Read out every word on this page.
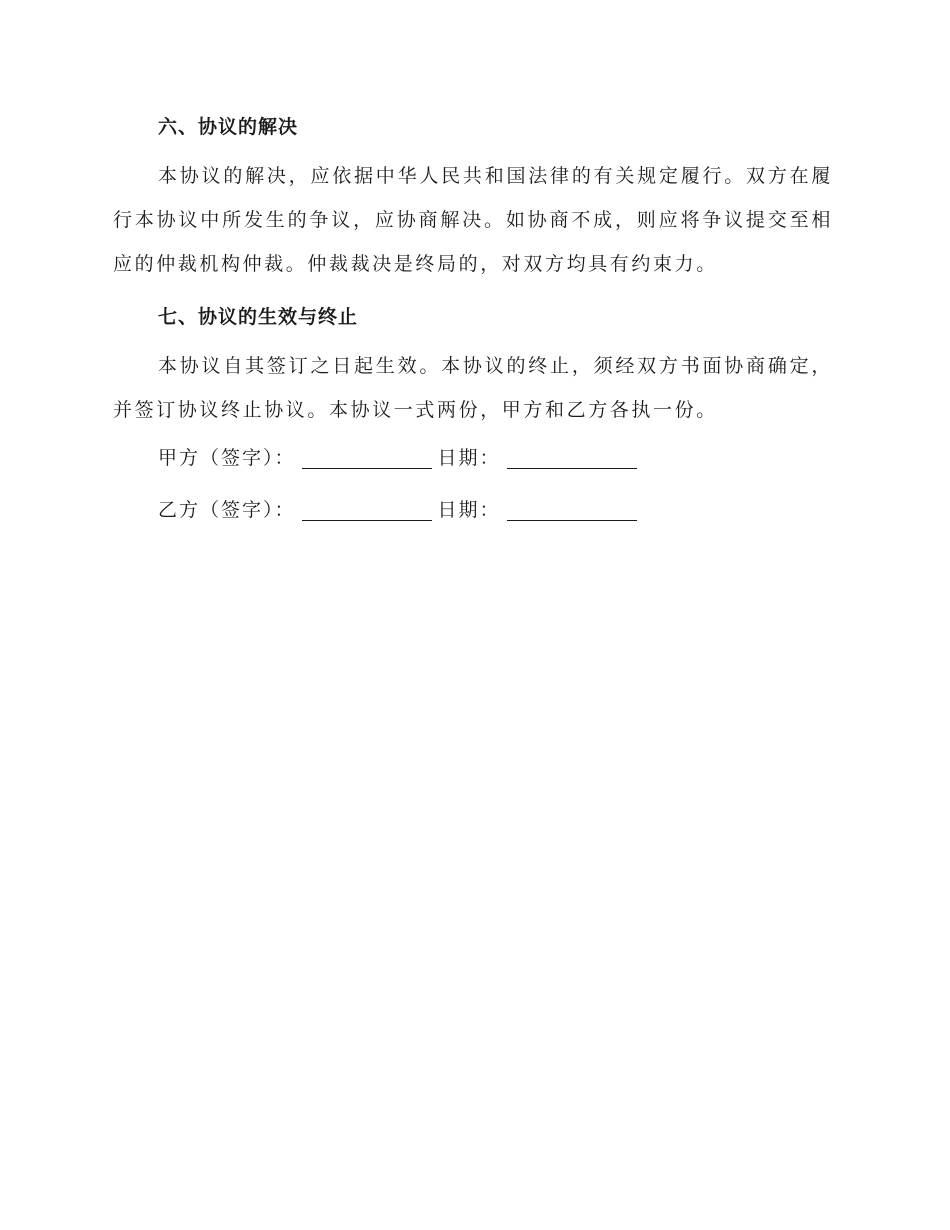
六、协议的解决

本协议的解决，应依据中华人民共和国法律的有关规定履行。双方在履行本协议中所发生的争议，应协商解决。如协商不成，则应将争议提交至相应的仲裁机构仲裁。仲裁裁决是终局的，对双方均具有约束力。

七、协议的生效与终止

本协议自其签订之日起生效。本协议的终止，须经双方书面协商确定，并签订协议终止协议。本协议一式两份，甲方和乙方各执一份。

甲方（签字）：	日期：
乙方（签字）：	日期：
